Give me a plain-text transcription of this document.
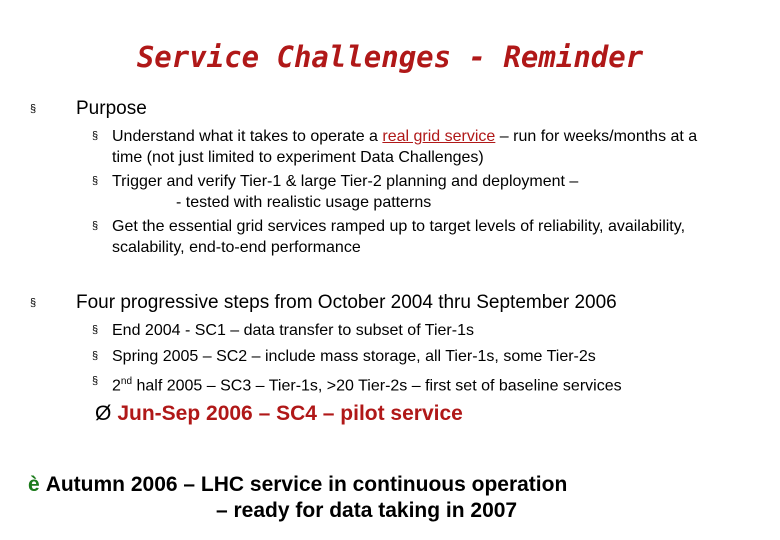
Service Challenges - Reminder
§ Purpose
§ Understand what it takes to operate a real grid service – run for weeks/months at a
time (not just limited to experiment Data Challenges)
§ Trigger and verify Tier-1 & large Tier-2 planning and deployment –
- tested with realistic usage patterns
§ Get the essential grid services ramped up to target levels of reliability, availability,
scalability, end-to-end performance
§ Four progressive steps from October 2004 thru September 2006
§ End 2004 - SC1 – data transfer to subset of Tier-1s
§ Spring 2005 – SC2 – include mass storage, all Tier-1s, some Tier-2s
§ 2nd half 2005 – SC3 – Tier-1s, >20 Tier-2s – first set of baseline services
Ø Jun-Sep 2006 – SC4 – pilot service
è Autumn 2006 – LHC service in continuous operation
– ready for data taking in 2007
